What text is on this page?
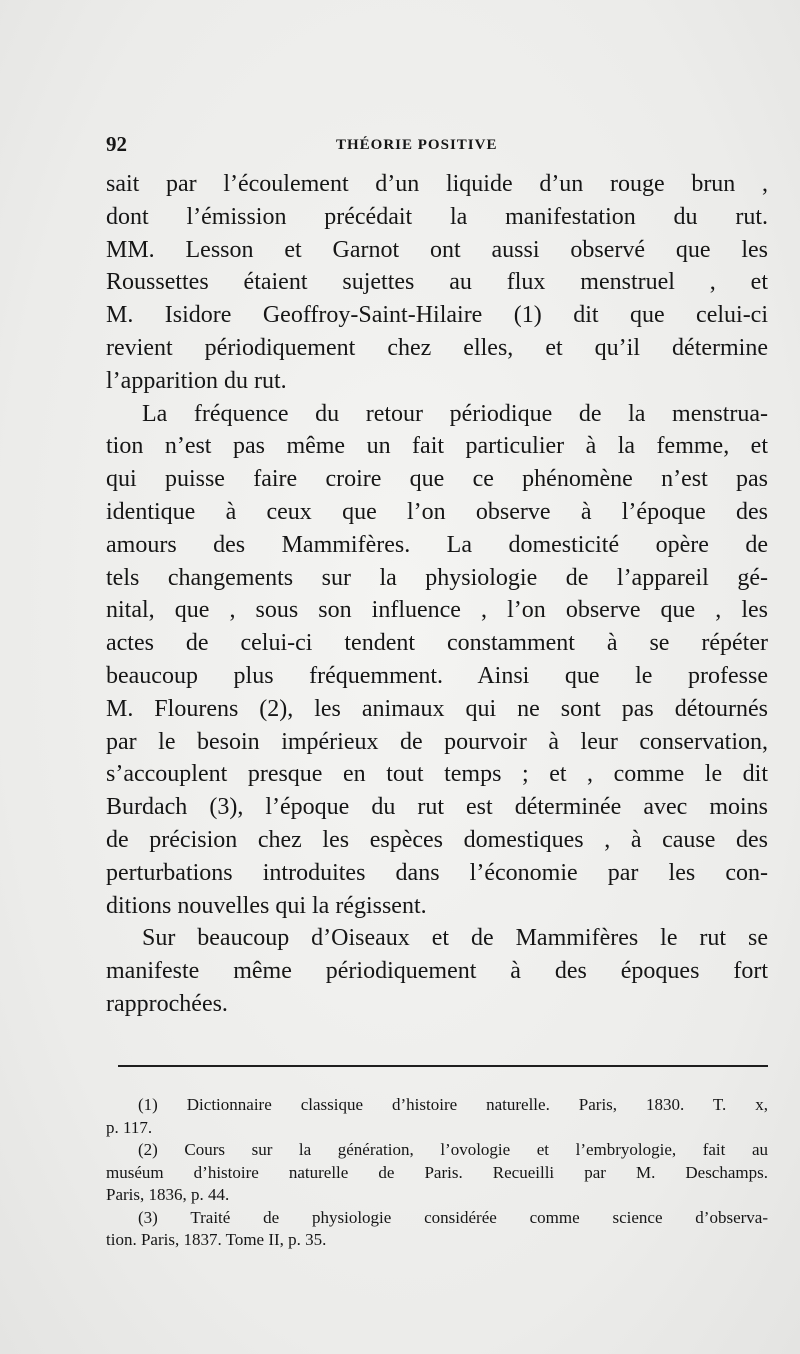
92	THÉORIE POSITIVE
sait par l’écoulement d’un liquide d’un rouge brun ,
dont l’émission précédait la manifestation du rut.
MM. Lesson et Garnot ont aussi observé que les
Roussettes étaient sujettes au flux menstruel , et
M. Isidore Geoffroy-Saint-Hilaire (1) dit que celui-ci
revient périodiquement chez elles, et qu’il détermine
l’apparition du rut.
La fréquence du retour périodique de la menstrua-
tion n’est pas même un fait particulier à la femme, et
qui puisse faire croire que ce phénomène n’est pas
identique à ceux que l’on observe à l’époque des
amours des Mammifères. La domesticité opère de
tels changements sur la physiologie de l’appareil gé-
nital, que , sous son influence , l’on observe que , les
actes de celui-ci tendent constamment à se répéter
beaucoup plus fréquemment. Ainsi que le professe
M. Flourens (2), les animaux qui ne sont pas détournés
par le besoin impérieux de pourvoir à leur conservation,
s’accouplent presque en tout temps ; et , comme le dit
Burdach (3), l’époque du rut est déterminée avec moins
de précision chez les espèces domestiques , à cause des
perturbations introduites dans l’économie par les con-
ditions nouvelles qui la régissent.
Sur beaucoup d’Oiseaux et de Mammifères le rut se
manifeste même périodiquement à des époques fort
rapprochées.
(1) Dictionnaire classique d’histoire naturelle. Paris, 1830. T. x,
p. 117.
(2) Cours sur la génération, l’ovologie et l’embryologie, fait au
muséum d’histoire naturelle de Paris. Recueilli par M. Deschamps.
Paris, 1836, p. 44.
(3) Traité de physiologie considérée comme science d’observa-
tion. Paris, 1837. Tome II, p. 35.
